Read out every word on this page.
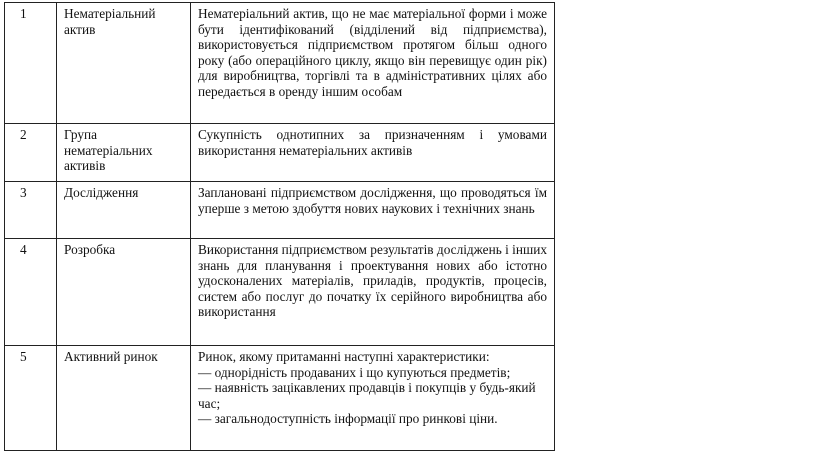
1	Нематеріальний актив	Нематеріальний актив, що не має матеріальної форми і може бути ідентифікований (відділений від підприємства), використовується підприємством протягом більш одного року (або операційного циклу, якщо він перевищує один рік) для виробництва, торгівлі та в адміністративних цілях або передається в оренду іншим особам
2	Група нематеріальних активів	Сукупність однотипних за призначенням і умовами використання нематеріальних активів
3	Дослідження	Заплановані підприємством дослідження, що проводяться їм уперше з метою здобуття нових наукових і технічних знань
4	Розробка	Використання підприємством результатів досліджень і інших знань для планування і проектування нових або істотно удосконалених матеріалів, приладів, продуктів, процесів, систем або послуг до початку їх серійного виробництва або використання
5	Активний ринок	Ринок, якому притаманні наступні характеристики:
— однорідність продаваних і що купуються предметів;
— наявність зацікавлених продавців і покупців у будь-який час;
— загальнодоступність інформації про ринкові ціни.
